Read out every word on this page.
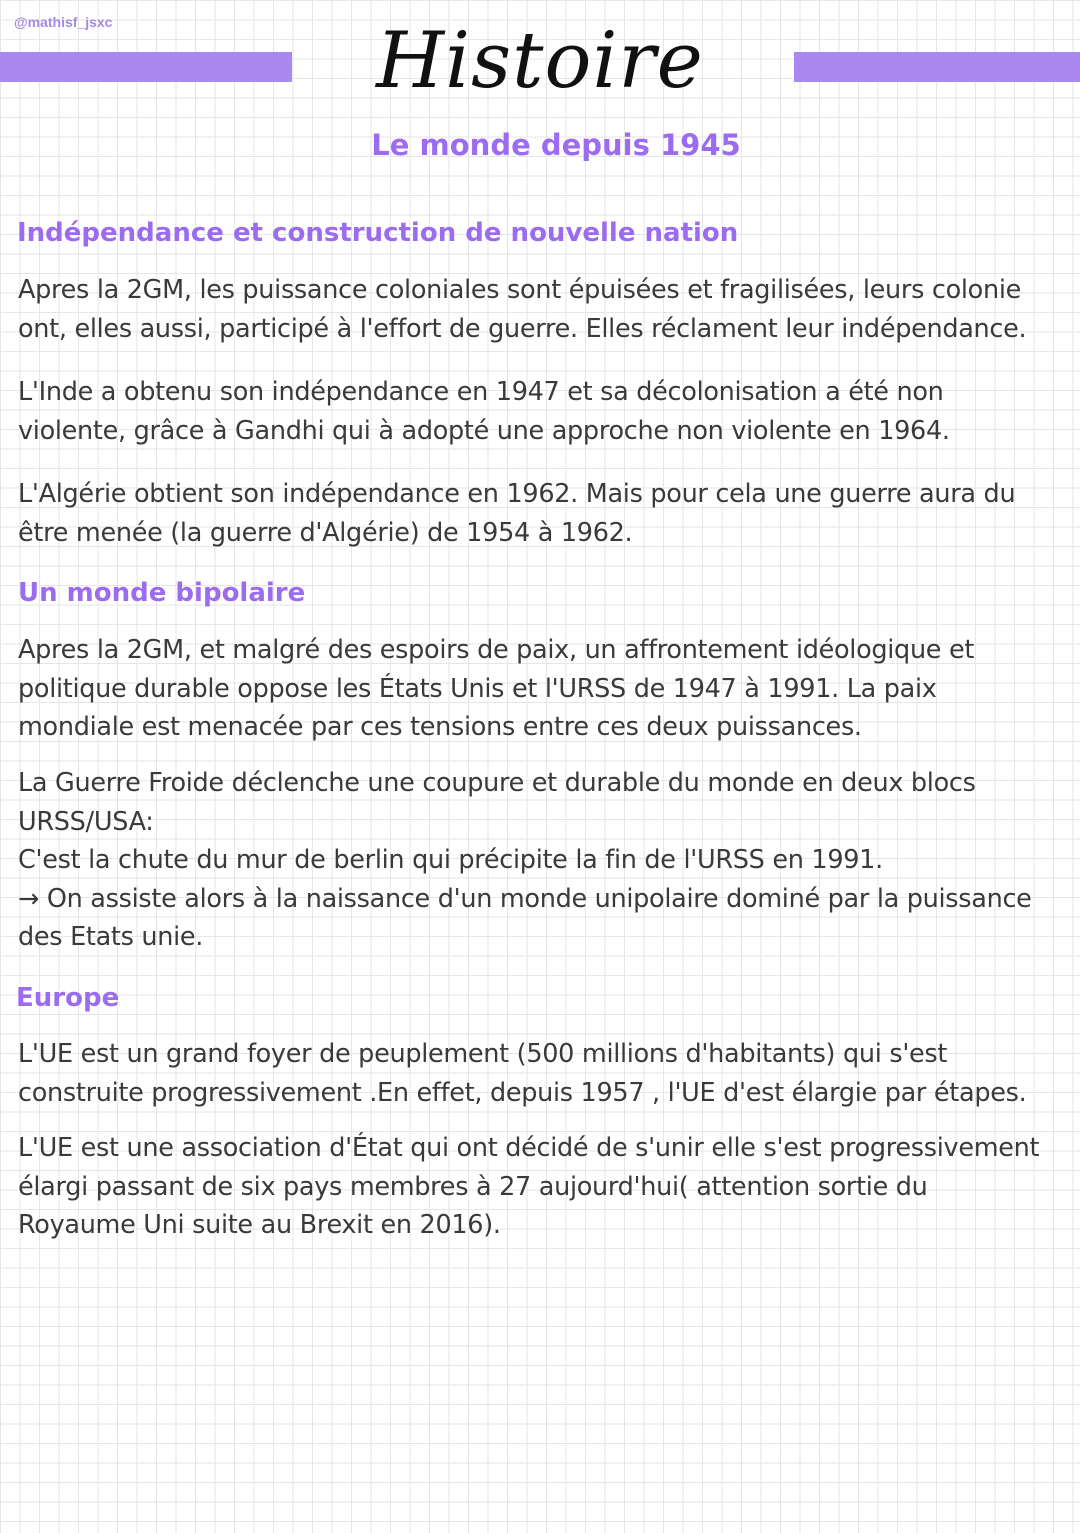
@mathisf_jsxc	Histoire
Le monde depuis 1945
Indépendance et construction de nouvelle nation
Apres la 2GM, les puissance coloniales sont épuisées et fragilisées, leurs colonie
ont, elles aussi, participé à l'effort de guerre. Elles réclament leur indépendance.
L'Inde a obtenu son indépendance en 1947 et sa décolonisation a été non
violente, grâce à Gandhi qui à adopté une approche non violente en 1964.
L'Algérie obtient son indépendance en 1962. Mais pour cela une guerre aura du
être menée (la guerre d'Algérie) de 1954 à 1962.
Un monde bipolaire
Apres la 2GM, et malgré des espoirs de paix, un affrontement idéologique et
politique durable oppose les États Unis et l'URSS de 1947 à 1991. La paix
mondiale est menacée par ces tensions entre ces deux puissances.
La Guerre Froide déclenche une coupure et durable du monde en deux blocs
URSS/USA:
C'est la chute du mur de berlin qui précipite la fin de l'URSS en 1991.
→ On assiste alors à la naissance d'un monde unipolaire dominé par la puissance
des Etats unie.
Europe
L'UE est un grand foyer de peuplement (500 millions d'habitants) qui s'est
construite progressivement .En effet, depuis 1957 , l'UE d'est élargie par étapes.
L'UE est une association d'État qui ont décidé de s'unir elle s'est progressivement
élargi passant de six pays membres à 27 aujourd'hui( attention sortie du
Royaume Uni suite au Brexit en 2016).
